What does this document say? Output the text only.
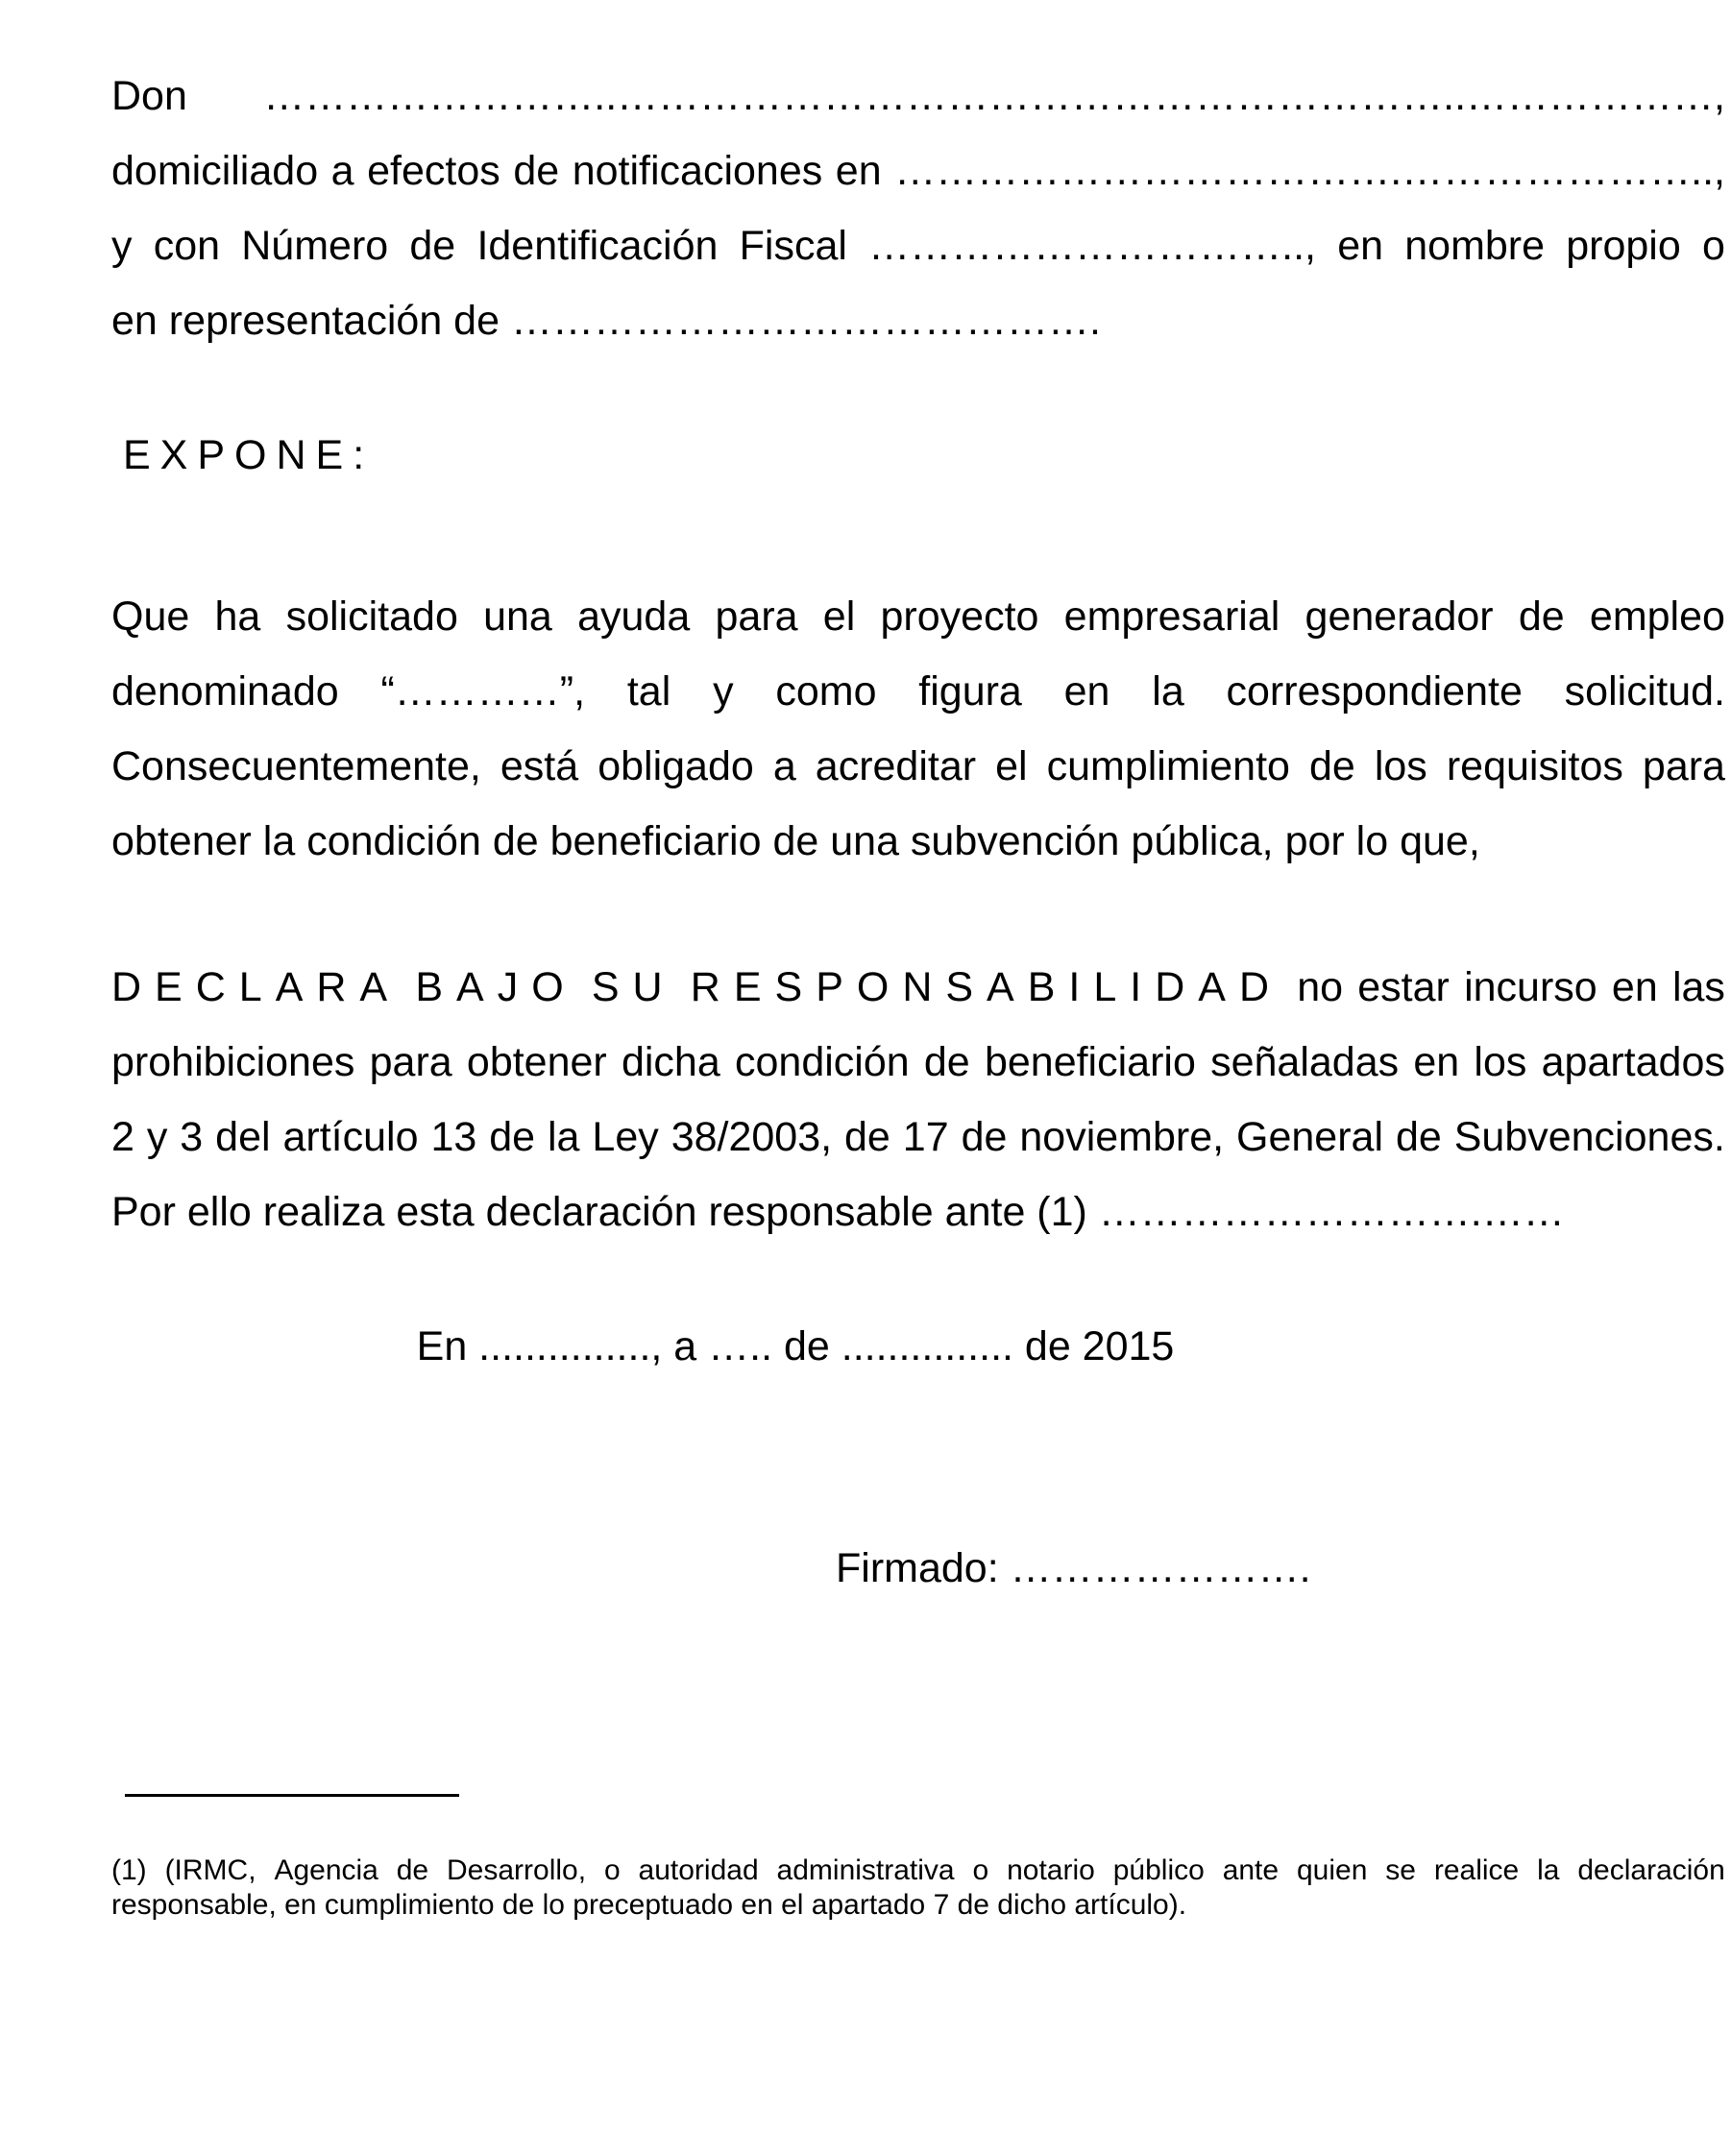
Don ……………………..……………………………………………………..………………,
domiciliado a efectos de notificaciones en ……………………………….…………………..,
y con Número de Identificación Fiscal ………………………….., en nombre propio o
en representación de …………………………………….
EXPONE:
Que ha solicitado una ayuda para el proyecto empresarial generador de empleo
denominado “…………”, tal y como figura en la correspondiente solicitud.
Consecuentemente, está obligado a acreditar el cumplimiento de los requisitos para
obtener la condición de beneficiario de una subvención pública, por lo que,
DECLARA BAJO SU RESPONSABILIDAD no estar incurso en las
prohibiciones para obtener dicha condición de beneficiario señaladas en los apartados
2 y 3 del artículo 13 de la Ley 38/2003, de 17 de noviembre, General de Subvenciones.
Por ello realiza esta declaración responsable ante (1) ……………………….……
En ..............., a ….. de ............... de 2015
Firmado: ………………….
(1) (IRMC, Agencia de Desarrollo, o autoridad administrativa o notario público ante quien se realice la declaración
responsable, en cumplimiento de lo preceptuado en el apartado 7 de dicho artículo).
